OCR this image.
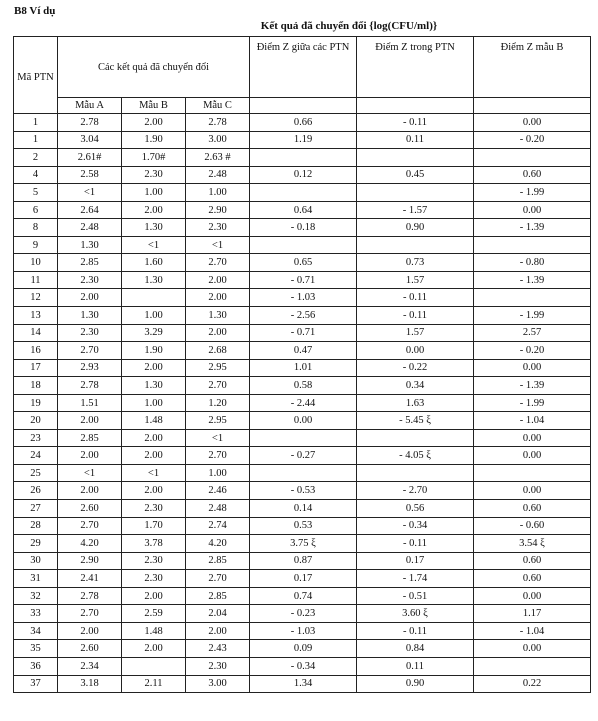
B8 Ví dụ
Kết quả đã chuyển đổi {log(CFU/ml)}
Mã PTN	Các kết quả đã chuyển đổi			Điểm Z giữa các PTN	Điểm Z trong PTN	Điểm Z mẫu B
	Mẫu A	Mẫu B	Mẫu C			
1	2.78	2.00	2.78	0.66	- 0.11	0.00
1	3.04	1.90	3.00	1.19	0.11	- 0.20
2	2.61#	1.70#	2.63 #			
4	2.58	2.30	2.48	0.12	0.45	0.60
5	<1	1.00	1.00			- 1.99
6	2.64	2.00	2.90	0.64	- 1.57	0.00
8	2.48	1.30	2.30	- 0.18	0.90	- 1.39
9	1.30	<1	<1			
10	2.85	1.60	2.70	0.65	0.73	- 0.80
11	2.30	1.30	2.00	- 0.71	1.57	- 1.39
12	2.00		2.00	- 1.03	- 0.11	
13	1.30	1.00	1.30	- 2.56	- 0.11	- 1.99
14	2.30	3.29	2.00	- 0.71	1.57	2.57
16	2.70	1.90	2.68	0.47	0.00	- 0.20
17	2.93	2.00	2.95	1.01	- 0.22	0.00
18	2.78	1.30	2.70	0.58	0.34	- 1.39
19	1.51	1.00	1.20	- 2.44	1.63	- 1.99
20	2.00	1.48	2.95	0.00	- 5.45 ξ	- 1.04
23	2.85	2.00	<1			0.00
24	2.00	2.00	2.70	- 0.27	- 4.05 ξ	0.00
25	<1	<1	1.00			
26	2.00	2.00	2.46	- 0.53	- 2.70	0.00
27	2.60	2.30	2.48	0.14	0.56	0.60
28	2.70	1.70	2.74	0.53	- 0.34	- 0.60
29	4.20	3.78	4.20	3.75 ξ	- 0.11	3.54 ξ
30	2.90	2.30	2.85	0.87	0.17	0.60
31	2.41	2.30	2.70	0.17	- 1.74	0.60
32	2.78	2.00	2.85	0.74	- 0.51	0.00
33	2.70	2.59	2.04	- 0.23	3.60 ξ	1.17
34	2.00	1.48	2.00	- 1.03	- 0.11	- 1.04
35	2.60	2.00	2.43	0.09	0.84	0.00
36	2.34		2.30	- 0.34	0.11	
37	3.18	2.11	3.00	1.34	0.90	0.22
